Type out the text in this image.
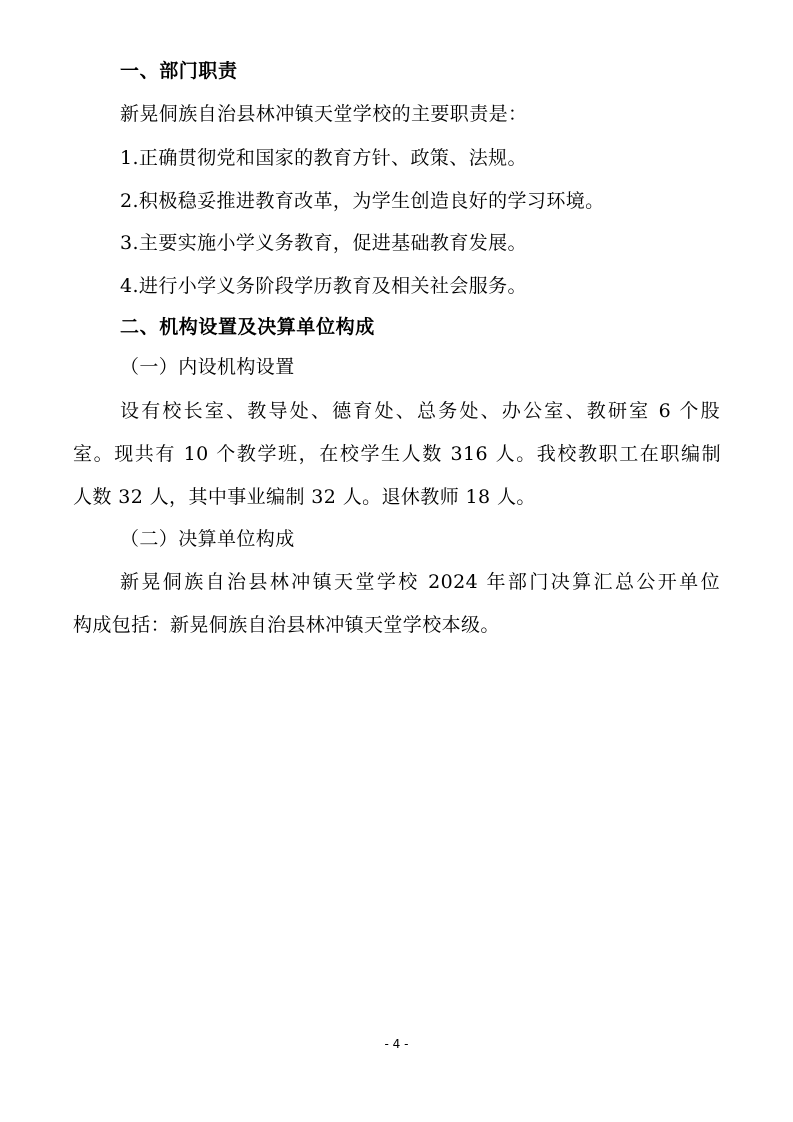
一、部门职责
新晃侗族自治县林冲镇天堂学校的主要职责是：
1.正确贯彻党和国家的教育方针、政策、法规。
2.积极稳妥推进教育改革，为学生创造良好的学习环境。
3.主要实施小学义务教育，促进基础教育发展。
4.进行小学义务阶段学历教育及相关社会服务。
二、机构设置及决算单位构成
（一）内设机构设置
设有校长室、教导处、德育处、总务处、办公室、教研室 6 个股
室。现共有 10 个教学班，在校学生人数 316 人。我校教职工在职编制
人数 32 人，其中事业编制 32 人。退休教师 18 人。
（二）决算单位构成
新晃侗族自治县林冲镇天堂学校 2024 年部门决算汇总公开单位
构成包括：新晃侗族自治县林冲镇天堂学校本级。
- 4 -
